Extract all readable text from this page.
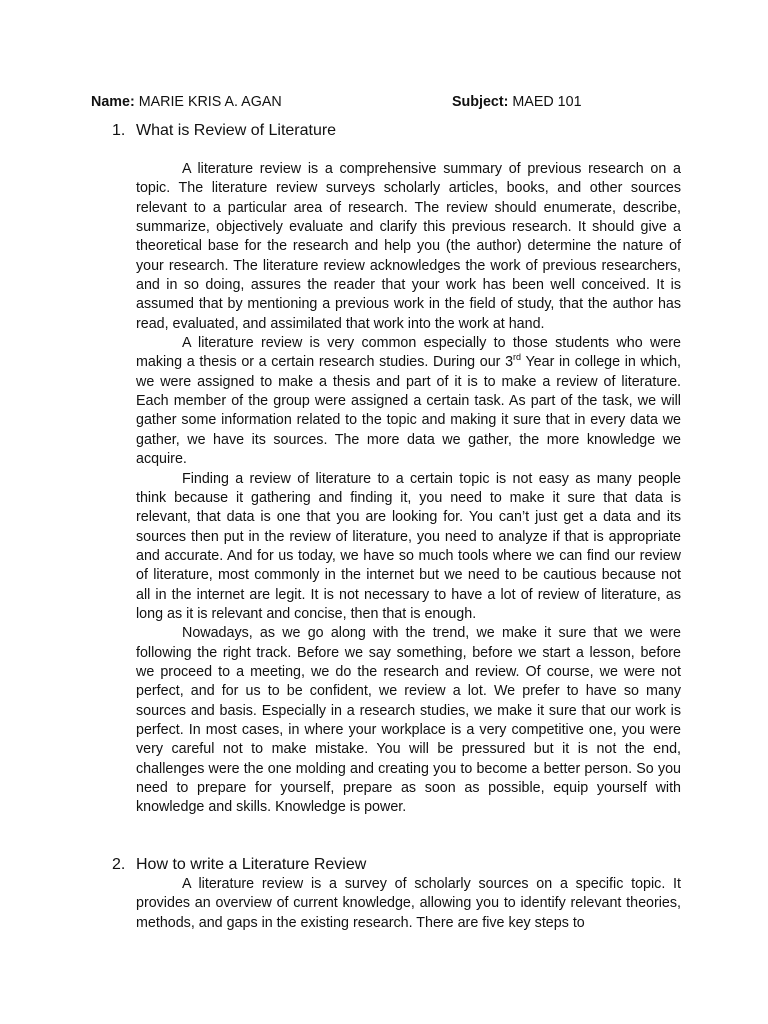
Name: MARIE KRIS A. AGAN	Subject: MAED 101
1. What is Review of Literature

A literature review is a comprehensive summary of previous research on a topic. The literature review surveys scholarly articles, books, and other sources relevant to a particular area of research. The review should enumerate, describe, summarize, objectively evaluate and clarify this previous research. It should give a theoretical base for the research and help you (the author) determine the nature of your research. The literature review acknowledges the work of previous researchers, and in so doing, assures the reader that your work has been well conceived. It is assumed that by mentioning a previous work in the field of study, that the author has read, evaluated, and assimilated that work into the work at hand.

A literature review is very common especially to those students who were making a thesis or a certain research studies. During our 3rd Year in college in which, we were assigned to make a thesis and part of it is to make a review of literature. Each member of the group were assigned a certain task. As part of the task, we will gather some information related to the topic and making it sure that in every data we gather, we have its sources. The more data we gather, the more knowledge we acquire.

Finding a review of literature to a certain topic is not easy as many people think because it gathering and finding it, you need to make it sure that data is relevant, that data is one that you are looking for. You can’t just get a data and its sources then put in the review of literature, you need to analyze if that is appropriate and accurate. And for us today, we have so much tools where we can find our review of literature, most commonly in the internet but we need to be cautious because not all in the internet are legit. It is not necessary to have a lot of review of literature, as long as it is relevant and concise, then that is enough.

Nowadays, as we go along with the trend, we make it sure that we were following the right track. Before we say something, before we start a lesson, before we proceed to a meeting, we do the research and review. Of course, we were not perfect, and for us to be confident, we review a lot. We prefer to have so many sources and basis. Especially in a research studies, we make it sure that our work is perfect. In most cases, in where your workplace is a very competitive one, you were very careful not to make mistake. You will be pressured but it is not the end, challenges were the one molding and creating you to become a better person. So you need to prepare for yourself, prepare as soon as possible, equip yourself with knowledge and skills. Knowledge is power.

2. How to write a Literature Review

A literature review is a survey of scholarly sources on a specific topic. It provides an overview of current knowledge, allowing you to identify relevant theories, methods, and gaps in the existing research. There are five key steps to
